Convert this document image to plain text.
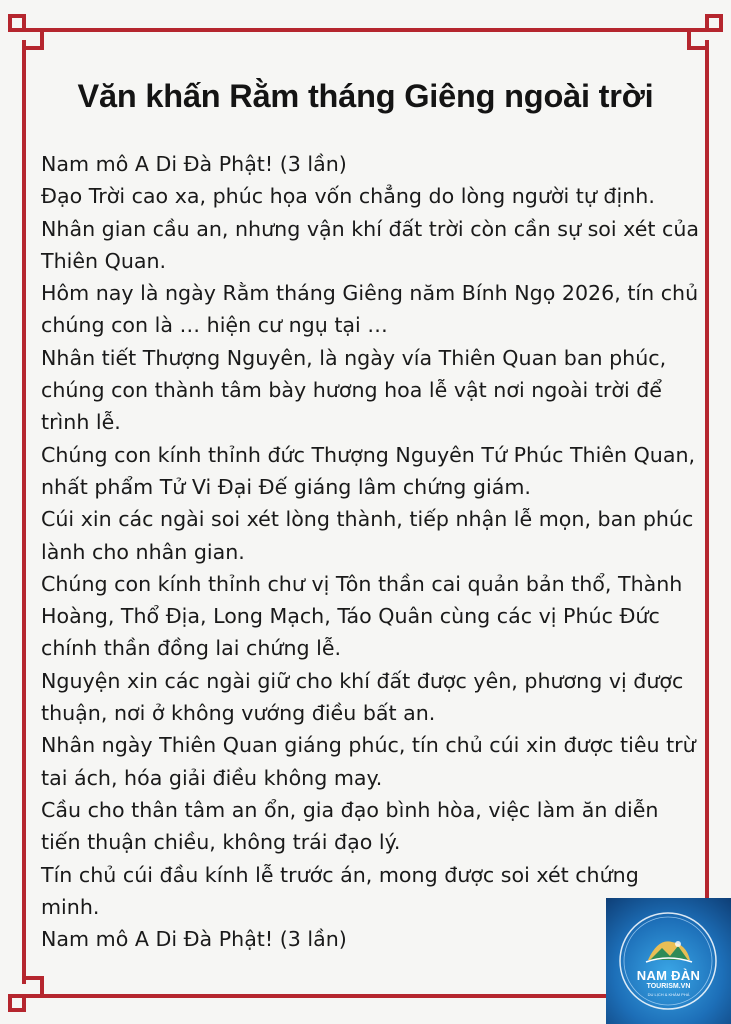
Văn khấn Rằm tháng Giêng ngoài trời

Nam mô A Di Đà Phật! (3 lần)

Đạo Trời cao xa, phúc họa vốn chẳng do lòng người tự định.

Nhân gian cầu an, nhưng vận khí đất trời còn cần sự soi xét của Thiên Quan.

Hôm nay là ngày Rằm tháng Giêng năm Bính Ngọ 2026, tín chủ chúng con là … hiện cư ngụ tại …

Nhân tiết Thượng Nguyên, là ngày vía Thiên Quan ban phúc, chúng con thành tâm bày hương hoa lễ vật nơi ngoài trời để trình lễ.

Chúng con kính thỉnh đức Thượng Nguyên Tứ Phúc Thiên Quan, nhất phẩm Tử Vi Đại Đế giáng lâm chứng giám.

Cúi xin các ngài soi xét lòng thành, tiếp nhận lễ mọn, ban phúc lành cho nhân gian.

Chúng con kính thỉnh chư vị Tôn thần cai quản bản thổ, Thành Hoàng, Thổ Địa, Long Mạch, Táo Quân cùng các vị Phúc Đức chính thần đồng lai chứng lễ.

Nguyện xin các ngài giữ cho khí đất được yên, phương vị được thuận, nơi ở không vướng điều bất an.

Nhân ngày Thiên Quan giáng phúc, tín chủ cúi xin được tiêu trừ tai ách, hóa giải điều không may.

Cầu cho thân tâm an ổn, gia đạo bình hòa, việc làm ăn diễn tiến thuận chiều, không trái đạo lý.

Tín chủ cúi đầu kính lễ trước án, mong được soi xét chứng minh.

Nam mô A Di Đà Phật! (3 lần)

NAM ĐÀN
TOURISM.VN
DU LỊCH & KHÁM PHÁ
